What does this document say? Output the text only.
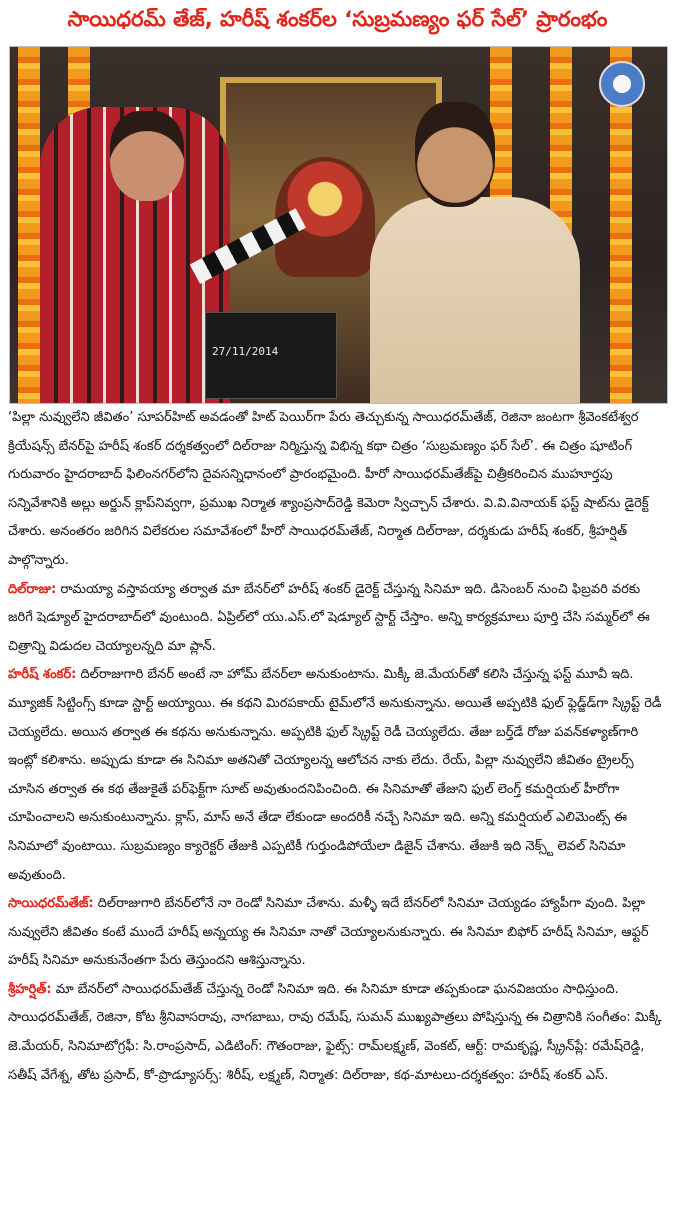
సాయిధరమ్ తేజ్, హరీష్ శంకర్‌ల ‘సుబ్రమణ్యం ఫర్ సేల్’ ప్రారంభం
27/11/2014

‘పిల్లా నువ్వులేని జీవితం’ సూపర్‌హిట్ అవడంతో హిట్ పెయిర్‌గా పేరు తెచ్చుకున్న సాయిధరమ్‌తేజ్, రెజినా జంటగా శ్రీవెంకటేశ్వర క్రియేషన్స్ బేనర్‌పై హరీష్ శంకర్ దర్శకత్వంలో దిల్‌రాజు నిర్మిస్తున్న విభిన్న కథా చిత్రం ‘సుబ్రమణ్యం ఫర్ సేల్’. ఈ చిత్రం షూటింగ్ గురువారం హైదరాబాద్ ఫిలింనగర్‌లోని దైవసన్నిధానంలో ప్రారంభమైంది. హీరో సాయిధరమ్‌తేజ్‌పై చిత్రీకరించిన ముహూర్తపు సన్నివేశానికి అల్లు అర్జున్ క్లాప్‌నివ్వగా, ప్రముఖ నిర్మాత శ్యాంప్రసాద్‌రెడ్డి కెమెరా స్విచ్చాన్ చేశారు. వి.వి.వినాయక్ ఫస్ట్ షాట్‌ను డైరెక్ట్ చేశారు. అనంతరం జరిగిన విలేకరుల సమావేశంలో హీరో సాయిధరమ్‌తేజ్, నిర్మాత దిల్‌రాజు, దర్శకుడు హరీష్ శంకర్, శ్రీహర్షిత్ పాల్గొన్నారు.

దిల్‌రాజు: రామయ్యా వస్తావయ్యా తర్వాత మా బేనర్‌లో హరీష్ శంకర్ డైరెక్ట్ చేస్తున్న సినిమా ఇది. డిసెంబర్ నుంచి ఫిబ్రవరి వరకు జరిగే షెడ్యూల్ హైదరాబాద్‌లో వుంటుంది. ఏప్రిల్‌లో యు.ఎస్.లో షెడ్యూల్ స్టార్ట్ చేస్తాం. అన్ని కార్యక్రమాలు పూర్తి చేసి సమ్మర్‌లో ఈ చిత్రాన్ని విడుదల చెయ్యాలన్నది మా ప్లాన్.

హరీష్ శంకర్: దిల్‌రాజుగారి బేనర్ అంటే నా హోమ్ బేనర్‌లా అనుకుంటాను. మిక్కీ జె.మేయర్‌తో కలిసి చేస్తున్న ఫస్ట్ మూవీ ఇది. మ్యూజిక్ సిట్టింగ్స్ కూడా స్టార్ట్ అయ్యాయి. ఈ కథని మిరపకాయ్ టైమ్‌లోనే అనుకున్నాను. అయితే అప్పటికి ఫుల్ ఫ్లెడ్జ్‌డ్‌గా స్క్రిప్ట్ రెడీ చెయ్యలేదు. అయిన తర్వాత ఈ కథను అనుకున్నాను. అప్పటికి ఫుల్ స్క్రిప్ట్ రెడీ చెయ్యలేదు. తేజు బర్త్‌డే రోజు పవన్‌కళ్యాణ్‌గారి ఇంట్లో కలిశాను. అప్పుడు కూడా ఈ సినిమా అతనితో చెయ్యాలన్న ఆలోచన నాకు లేదు. రేయ్, పిల్లా నువ్వులేని జీవితం ట్రైలర్స్ చూసిన తర్వాత ఈ కథ తేజుకైతే పర్‌ఫెక్ట్‌గా సూట్ అవుతుందనిపించింది. ఈ సినిమాతో తేజుని ఫుల్ లెంగ్త్ కమర్షియల్ హీరోగా చూపించాలని అనుకుంటున్నాను. క్లాస్, మాస్ అనే తేడా లేకుండా అందరికీ నచ్చే సినిమా ఇది. అన్ని కమర్షియల్ ఎలిమెంట్స్ ఈ సినిమాలో వుంటాయి. సుబ్రమణ్యం క్యారెక్టర్ తేజుకి ఎప్పటికీ గుర్తుండిపోయేలా డిజైన్ చేశాను. తేజుకి ఇది నెక్స్ట్ లెవల్ సినిమా అవుతుంది.

సాయిధరమ్‌తేజ్: దిల్‌రాజుగారి బేనర్‌లోనే నా రెండో సినిమా చేశాను. మళ్ళీ ఇదే బేనర్‌లో సినిమా చెయ్యడం హ్యాపీగా వుంది. పిల్లా నువ్వులేని జీవితం కంటే ముందే హరీష్ అన్నయ్య ఈ సినిమా నాతో చెయ్యాలనుకున్నారు. ఈ సినిమా బిఫోర్ హరీష్ సినిమా, ఆఫ్టర్ హరీష్ సినిమా అనుకునేంతగా పేరు తెస్తుందని ఆశిస్తున్నాను.

శ్రీహర్షిత్: మా బేనర్‌లో సాయిధరమ్‌తేజ్ చేస్తున్న రెండో సినిమా ఇది. ఈ సినిమా కూడా తప్పకుండా ఘనవిజయం సాధిస్తుంది.

సాయిధరమ్‌తేజ్, రెజినా, కోట శ్రీనివాసరావు, నాగబాబు, రావు రమేష్, సుమన్ ముఖ్యపాత్రలు పోషిస్తున్న ఈ చిత్రానికి సంగీతం: మిక్కీ జె.మేయర్, సినిమాటోగ్రఫీ: సి.రాంప్రసాద్, ఎడిటింగ్: గౌతంరాజు, ఫైట్స్: రామ్‌లక్ష్మణ్, వెంకట్, ఆర్ట్: రామకృష్ణ, స్క్రీన్‌ప్లే: రమేష్‌రెడ్డి, సతీష్ వేగేశ్న, తోట ప్రసాద్, కో-ప్రొడ్యూసర్స్: శిరీష్, లక్ష్మణ్, నిర్మాత: దిల్‌రాజు, కథ-మాటలు-దర్శకత్వం: హరీష్ శంకర్ ఎస్.
